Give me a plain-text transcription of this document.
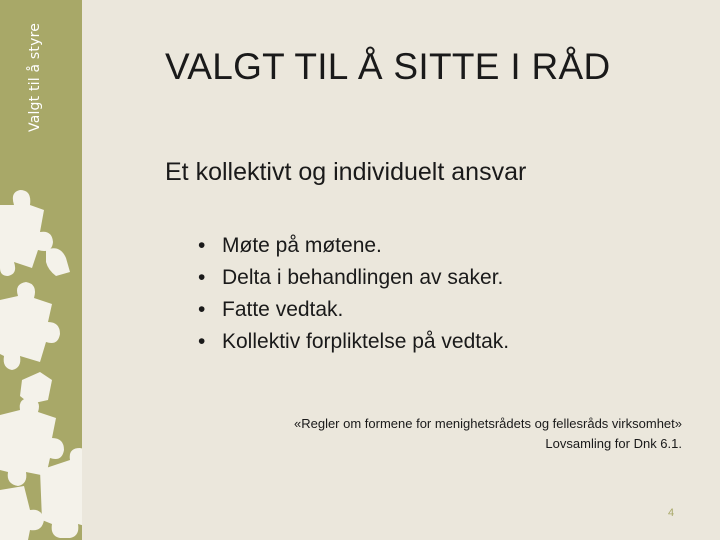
Valgt til å styre	VALGT TIL Å SITTE I RÅD

Et kollektivt og individuelt ansvar

• Møte på møtene.
• Delta i behandlingen av saker.
• Fatte vedtak.
• Kollektiv forpliktelse på vedtak.
«Regler om formene for menighetsrådets og fellesråds virksomhet»
Lovsamling for Dnk 6.1.
4
